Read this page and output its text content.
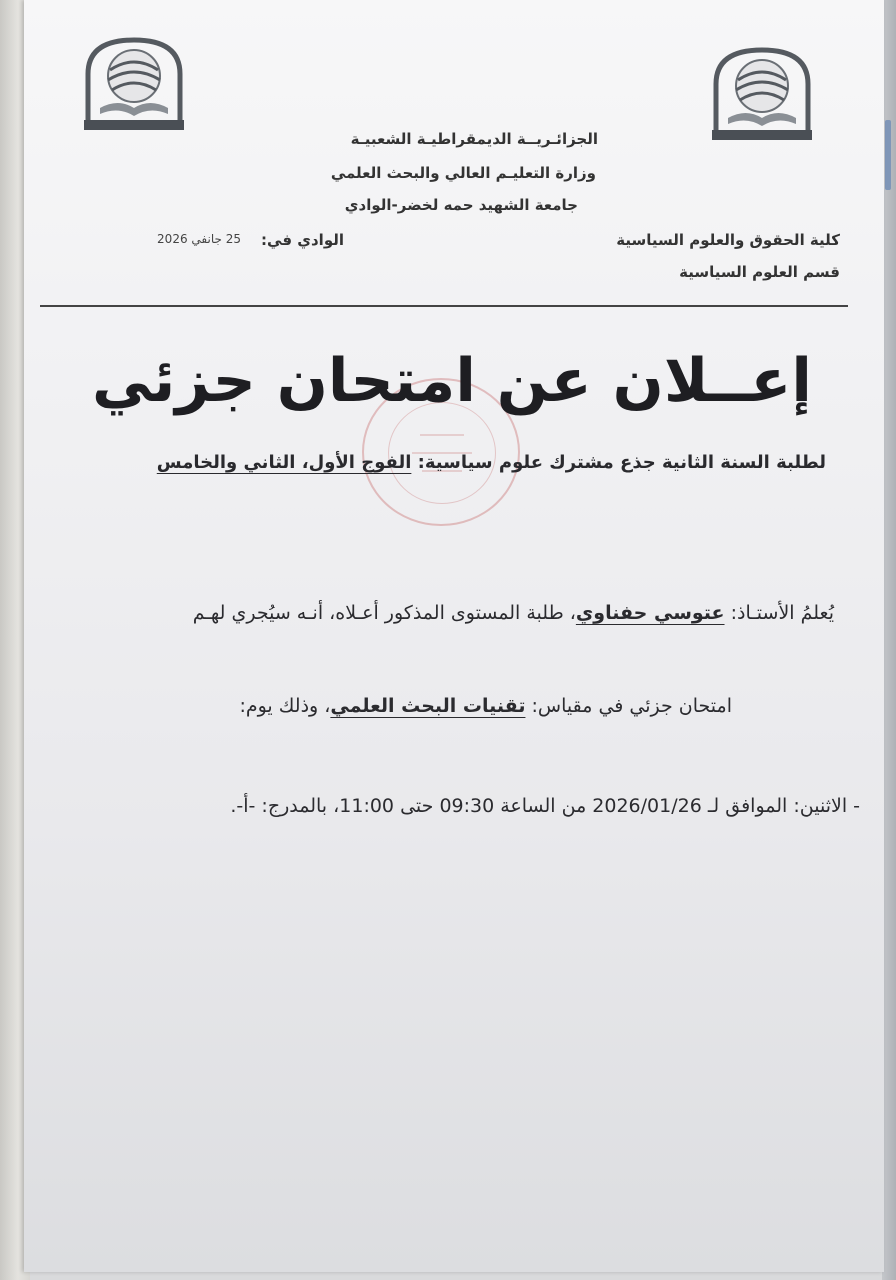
الجزائـريــة الديمقراطيـة الشعبيـة
وزارة التعليـم العالي والبحث العلمي
جامعة الشهيد حمه لخضر-الوادي
كلية الحقوق والعلوم السياسية
قسم العلوم السياسية
الوادي في:
25 جانفي 2026
إعــلان عن امتحان جزئي
لطلبة السنة الثانية جذع مشترك علوم سياسية: الفوج الأول، الثاني والخامس
يُعلمُ الأستـاذ: عتوسي حفناوي، طلبة المستوى المذكور أعـلاه، أنـه سيُجري لهـم
امتحان جزئي في مقياس: تقنيات البحث العلمي، وذلك يوم:
- الاثنين: الموافق لـ 2026/01/26 من الساعة 09:30 حتى 11:00، بالمدرج: -أ-.
